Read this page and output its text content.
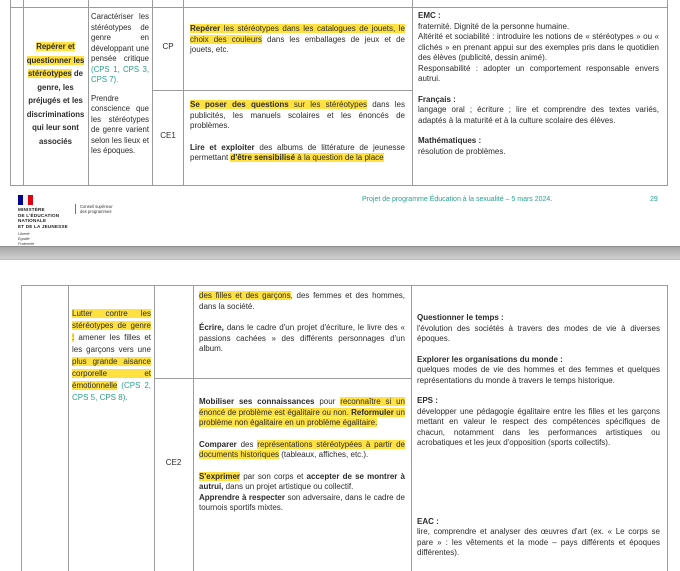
Repérer et questionner les stéréotypes de genre, les préjugés et les discriminations qui leur sont associés

Caractériser les stéréotypes de genre en développant une pensée critique (CPS 1, CPS 3, CPS 7).

Prendre conscience que les stéréotypes de genre varient selon les lieux et les époques.

CP
CE1
Repérer les stéréotypes dans les catalogues de jouets, le choix des couleurs dans les emballages de jeux et de jouets, etc.

Se poser des questions sur les stéréotypes dans les publicités, les manuels scolaires et les énoncés de problèmes.

Lire et exploiter des albums de littérature de jeunesse permettant d'être sensibilisé à la question de la place

EMC :
fraternité. Dignité de la personne humaine.
Altérité et sociabilité : introduire les notions de « stéréotypes » ou « clichés » en prenant appui sur des exemples pris dans le quotidien des élèves (publicité, dessin animé).
Responsabilité : adopter un comportement responsable envers autrui.
Français :
langage oral ; écriture ; lire et comprendre des textes variés, adaptés à la maturité et à la culture scolaire des élèves.
Mathématiques :
résolution de problèmes.
MINISTÈRE
DE L'ÉDUCATION
NATIONALE
ET DE LA JEUNESSE
Liberté
Égalité
Fraternité
Conseil supérieur
des programmes
Projet de programme Éducation à la sexualité – 5 mars 2024.	29
Lutter contre les stéréotypes de genre : amener les filles et les garçons vers une plus grande aisance corporelle et émotionnelle (CPS 2, CPS 5, CPS 8).
CE2

des filles et des garçons, des femmes et des hommes, dans la société.

Écrire, dans le cadre d'un projet d'écriture, le livre des « passions cachées » des différents personnages d'un album.

Mobiliser ses connaissances pour reconnaître si un énoncé de problème est égalitaire ou non. Reformuler un problème non égalitaire en un problème égalitaire.

Comparer des représentations stéréotypées à partir de documents historiques (tableaux, affiches, etc.).

S'exprimer par son corps et accepter de se montrer à autrui, dans un projet artistique ou collectif.

Apprendre à respecter son adversaire, dans le cadre de tournois sportifs mixtes.

Questionner le temps :
l'évolution des sociétés à travers des modes de vie à diverses époques.
Explorer les organisations du monde :
quelques modes de vie des hommes et des femmes et quelques représentations du monde à travers le temps historique.
EPS :
développer une pédagogie égalitaire entre les filles et les garçons mettant en valeur le respect des compétences spécifiques de chacun, notamment dans les performances artistiques ou acrobatiques et les jeux d'opposition (sports collectifs).
EAC :
lire, comprendre et analyser des œuvres d'art (ex. « Le corps se pare » : les vêtements et la mode – pays différents et époques différentes).
